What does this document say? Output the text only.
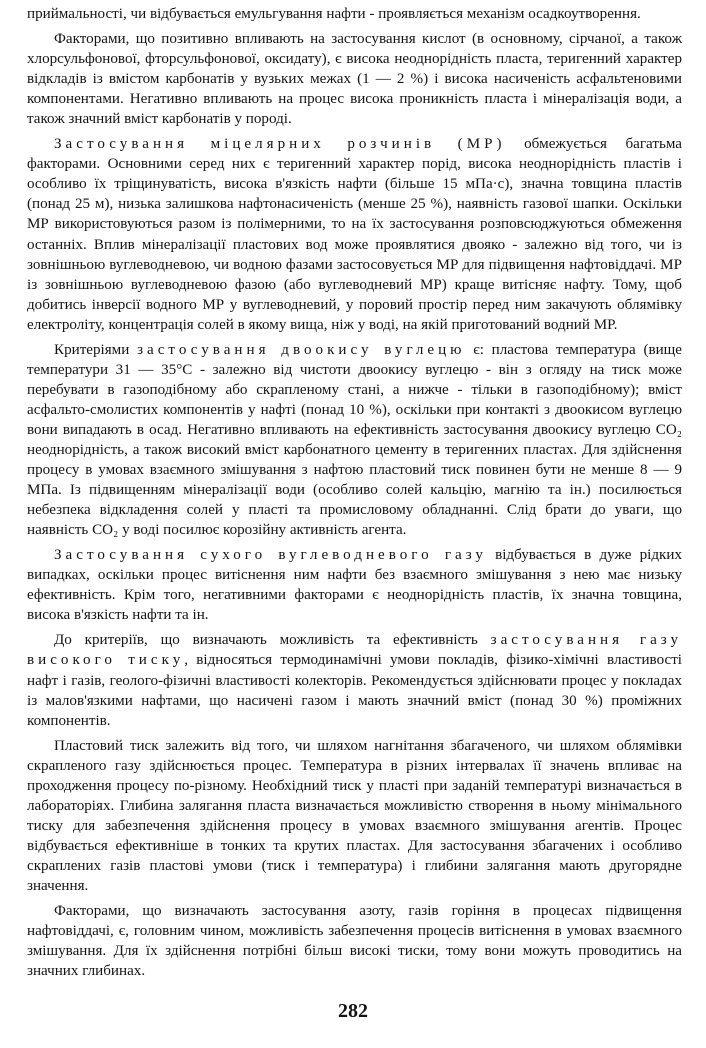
приймальності, чи відбувається емульгування нафти - проявляється механізм осадкоутворення.

Факторами, що позитивно впливають на застосування кислот (в основному, сірчаної, а також хлорсульфонової, фторсульфонової, оксидату), є висока неоднорідність пласта, теригенний характер відкладів із вмістом карбонатів у вузьких межах (1 — 2 %) і висока насиченість асфальтеновими компонентами. Негативно впливають на процес висока проникність пласта і мінералізація води, а також значний вміст карбонатів у породі.

Застосування міцелярних розчинів (МР) обмежується багатьма факторами. Основними серед них є теригенний характер порід, висока неоднорідність пластів і особливо їх тріщинуватість, висока в'язкість нафти (більше 15 мПа·с), значна товщина пластів (понад 25 м), низька залишкова нафтонасиченість (менше 25 %), наявність газової шапки. Оскільки МР використовуються разом із полімерними, то на їх застосування розповсюджуються обмеження останніх. Вплив мінералізації пластових вод може проявлятися двояко - залежно від того, чи із зовнішньою вуглеводневою, чи водною фазами застосовується МР для підвищення нафтовіддачі. МР із зовнішньою вуглеводневою фазою (або вуглеводневий МР) краще витісняє нафту. Тому, щоб добитись інверсії водного МР у вуглеводневий, у поровий простір перед ним закачують облямівку електроліту, концентрація солей в якому вища, ніж у воді, на якій приготований водний МР.

Критеріями застосування двоокису вуглецю є: пластова температура (вище температури 31 — 35°С - залежно від чистоти двоокису вуглецю - він з огляду на тиск може перебувати в газоподібному або скрапленому стані, а нижче - тільки в газоподібному); вміст асфальто-смолистих компонентів у нафті (понад 10 %), оскільки при контакті з двоокисом вуглецю вони випадають в осад. Негативно впливають на ефективність застосування двоокису вуглецю CO₂ неоднорідність, а також високий вміст карбонатного цементу в теригенних пластах. Для здійснення процесу в умовах взаємного змішування з нафтою пластовий тиск повинен бути не менше 8 — 9 МПа. Із підвищенням мінералізації води (особливо солей кальцію, магнію та ін.) посилюється небезпека відкладення солей у пласті та промисловому обладнанні. Слід брати до уваги, що наявність CO₂ у воді посилює корозійну активність агента.

Застосування сухого вуглеводневого газу відбувається в дуже рідких випадках, оскільки процес витіснення ним нафти без взаємного змішування з нею має низьку ефективність. Крім того, негативними факторами є неоднорідність пластів, їх значна товщина, висока в'язкість нафти та ін.

До критеріїв, що визначають можливість та ефективність застосування газу високого тиску, відносяться термодинамічні умови покладів, фізико-хімічні властивості нафт і газів, геолого-фізичні властивості колекторів. Рекомендується здійснювати процес у покладах із малов'язкими нафтами, що насичені газом і мають значний вміст (понад 30 %) проміжних компонентів.

Пластовий тиск залежить від того, чи шляхом нагнітання збагаченого, чи шляхом облямівки скрапленого газу здійснюється процес. Температура в різних інтервалах її значень впливає на проходження процесу по-різному. Необхідний тиск у пласті при заданій температурі визначається в лабораторіях. Глибина залягання пласта визначається можливістю створення в ньому мінімального тиску для забезпечення здійснення процесу в умовах взаємного змішування агентів. Процес відбувається ефективніше в тонких та крутих пластах. Для застосування збагачених і особливо скраплених газів пластові умови (тиск і температура) і глибини залягання мають другорядне значення.

Факторами, що визначають застосування азоту, газів горіння в процесах підвищення нафтовіддачі, є, головним чином, можливість забезпечення процесів витіснення в умовах взаємного змішування. Для їх здійснення потрібні більш високі тиски, тому вони можуть проводитись на значних глибинах.

282
